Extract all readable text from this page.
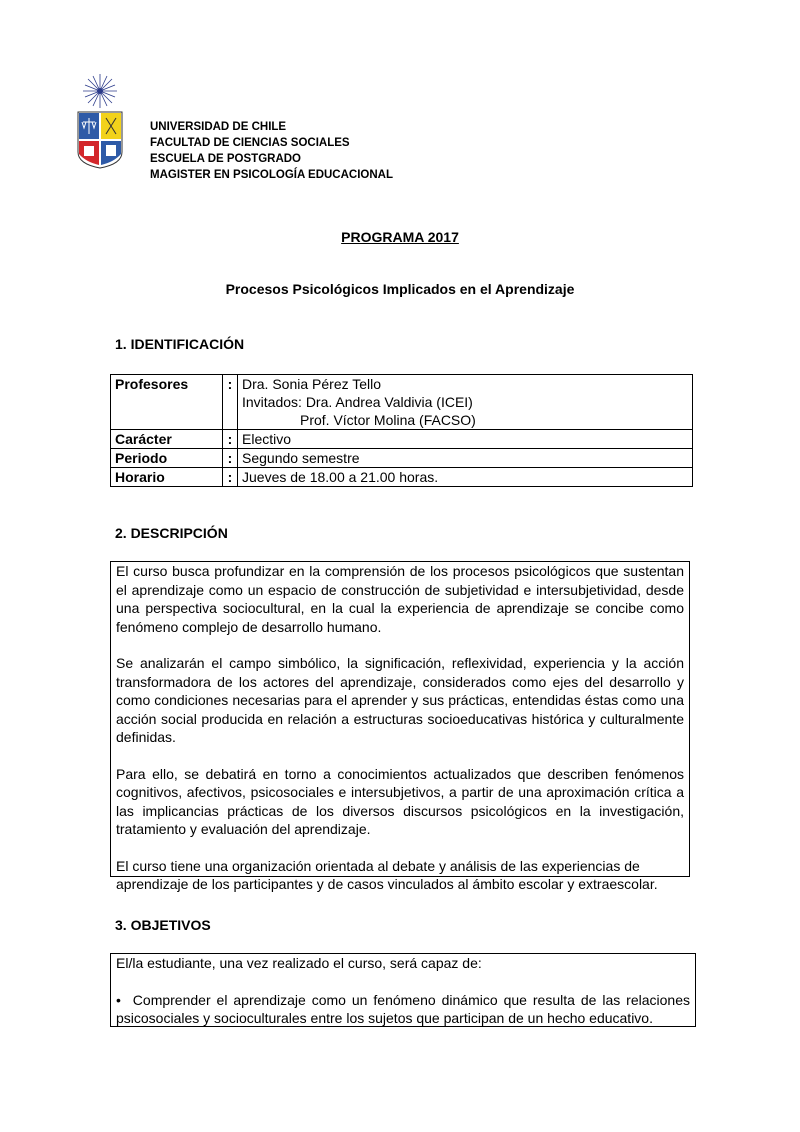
UNIVERSIDAD DE CHILE
FACULTAD DE CIENCIAS SOCIALES
ESCUELA DE POSTGRADO
MAGISTER EN PSICOLOGÍA EDUCACIONAL
PROGRAMA 2017
Procesos Psicológicos Implicados en el Aprendizaje
1. IDENTIFICACIÓN
Profesores	:	Dra. Sonia Pérez Tello
Invitados: Dra. Andrea Valdivia (ICEI)
Prof. Víctor Molina (FACSO)

Carácter	:	Electivo
Periodo	:	Segundo semestre
Horario	:	Jueves de 18.00 a 21.00 horas.
2. DESCRIPCIÓN

El curso busca profundizar en la comprensión de los procesos psicológicos que sustentan el aprendizaje como un espacio de construcción de subjetividad e intersubjetividad, desde una perspectiva sociocultural, en la cual la experiencia de aprendizaje se concibe como fenómeno complejo de desarrollo humano.

Se analizarán el campo simbólico, la significación, reflexividad, experiencia y la acción transformadora de los actores del aprendizaje, considerados como ejes del desarrollo y como condiciones necesarias para el aprender y sus prácticas, entendidas éstas como una acción social producida en relación a estructuras socioeducativas histórica y culturalmente definidas.

Para ello, se debatirá en torno a conocimientos actualizados que describen fenómenos cognitivos, afectivos, psicosociales e intersubjetivos, a partir de una aproximación crítica a las implicancias prácticas de los diversos discursos psicológicos en la investigación, tratamiento y evaluación del aprendizaje.

El curso tiene una organización orientada al debate y análisis de las experiencias de aprendizaje de los participantes y de casos vinculados al ámbito escolar y extraescolar.

3. OBJETIVOS

El/la estudiante, una vez realizado el curso, será capaz de:

• Comprender el aprendizaje como un fenómeno dinámico que resulta de las relaciones psicosociales y socioculturales entre los sujetos que participan de un hecho educativo.
